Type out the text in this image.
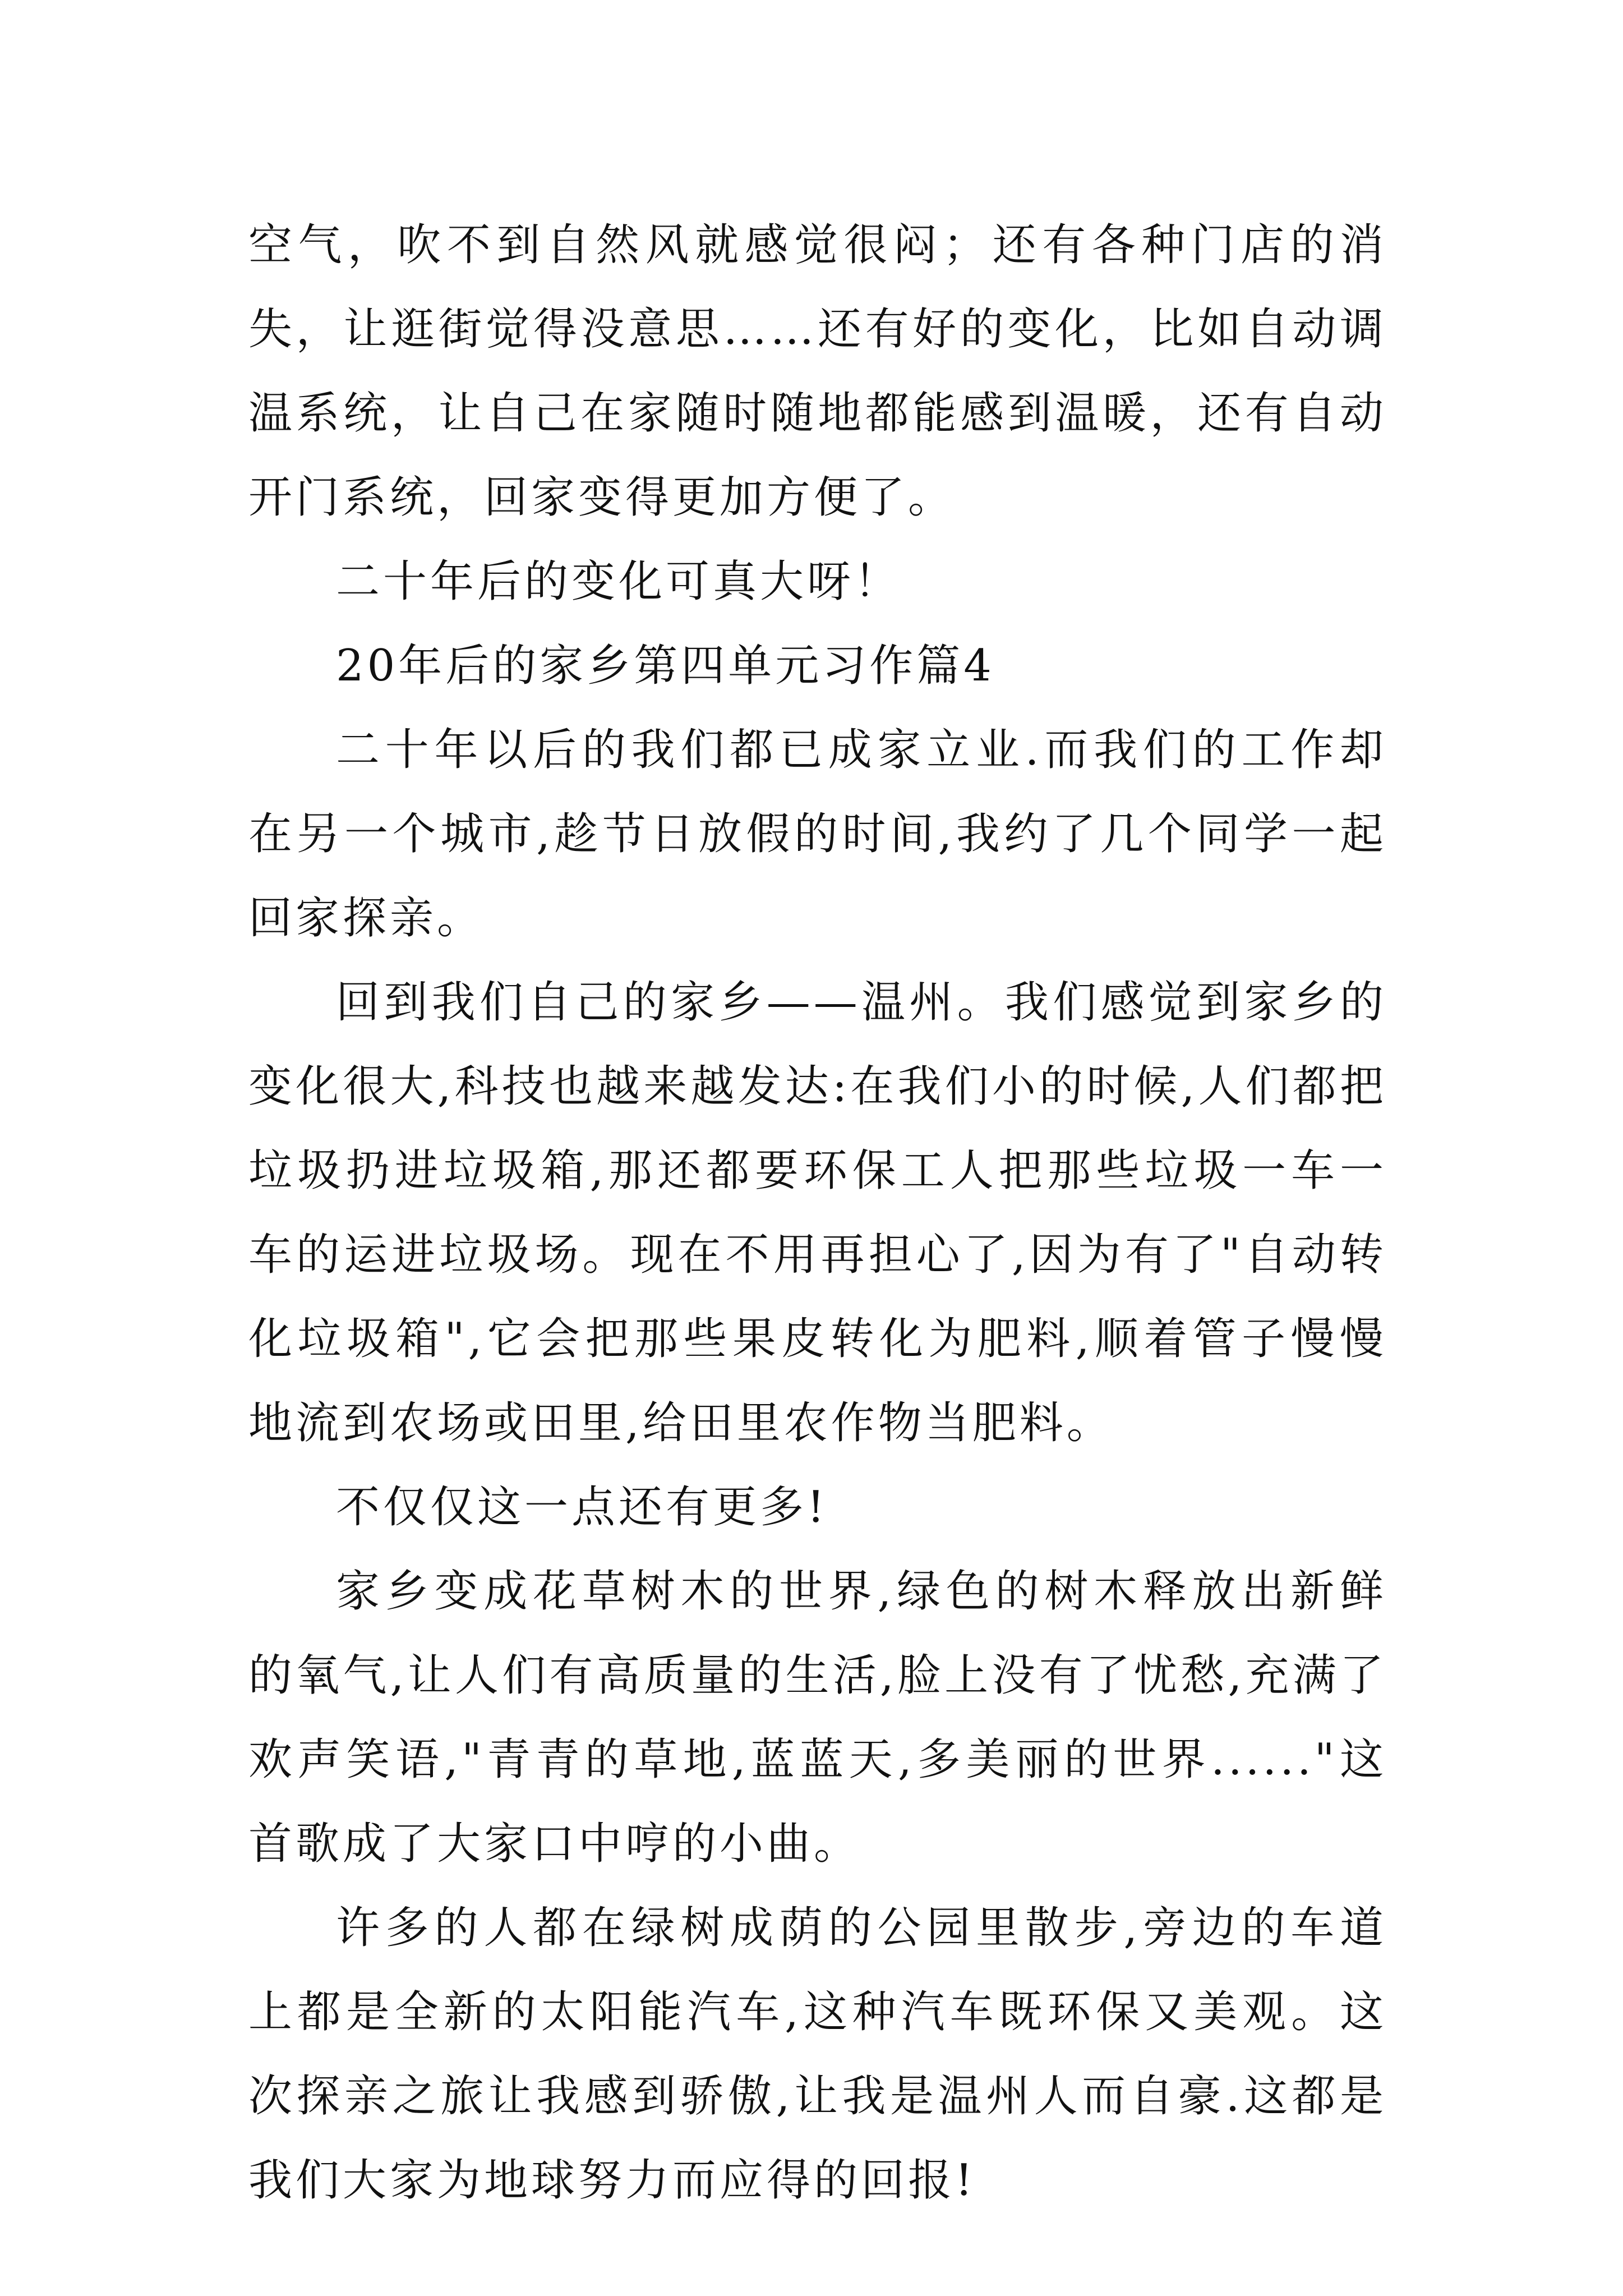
空气，吹不到自然风就感觉很闷；还有各种门店的消失，让逛街觉得没意思……还有好的变化，比如自动调温系统，让自己在家随时随地都能感到温暖，还有自动开门系统，回家变得更加方便了。

二十年后的变化可真大呀！

20年后的家乡第四单元习作篇4

二十年以后的我们都已成家立业.而我们的工作却在另一个城市,趁节日放假的时间,我约了几个同学一起回家探亲。

回到我们自己的家乡——温州。我们感觉到家乡的变化很大,科技也越来越发达:在我们小的时候,人们都把垃圾扔进垃圾箱,那还都要环保工人把那些垃圾一车一车的运进垃圾场。现在不用再担心了,因为有了"自动转化垃圾箱",它会把那些果皮转化为肥料,顺着管子慢慢地流到农场或田里,给田里农作物当肥料。

不仅仅这一点还有更多!

家乡变成花草树木的世界,绿色的树木释放出新鲜的氧气,让人们有高质量的生活,脸上没有了忧愁,充满了欢声笑语,"青青的草地,蓝蓝天,多美丽的世界......"这首歌成了大家口中哼的小曲。

许多的人都在绿树成荫的公园里散步,旁边的车道上都是全新的太阳能汽车,这种汽车既环保又美观。这次探亲之旅让我感到骄傲,让我是温州人而自豪.这都是我们大家为地球努力而应得的回报!
